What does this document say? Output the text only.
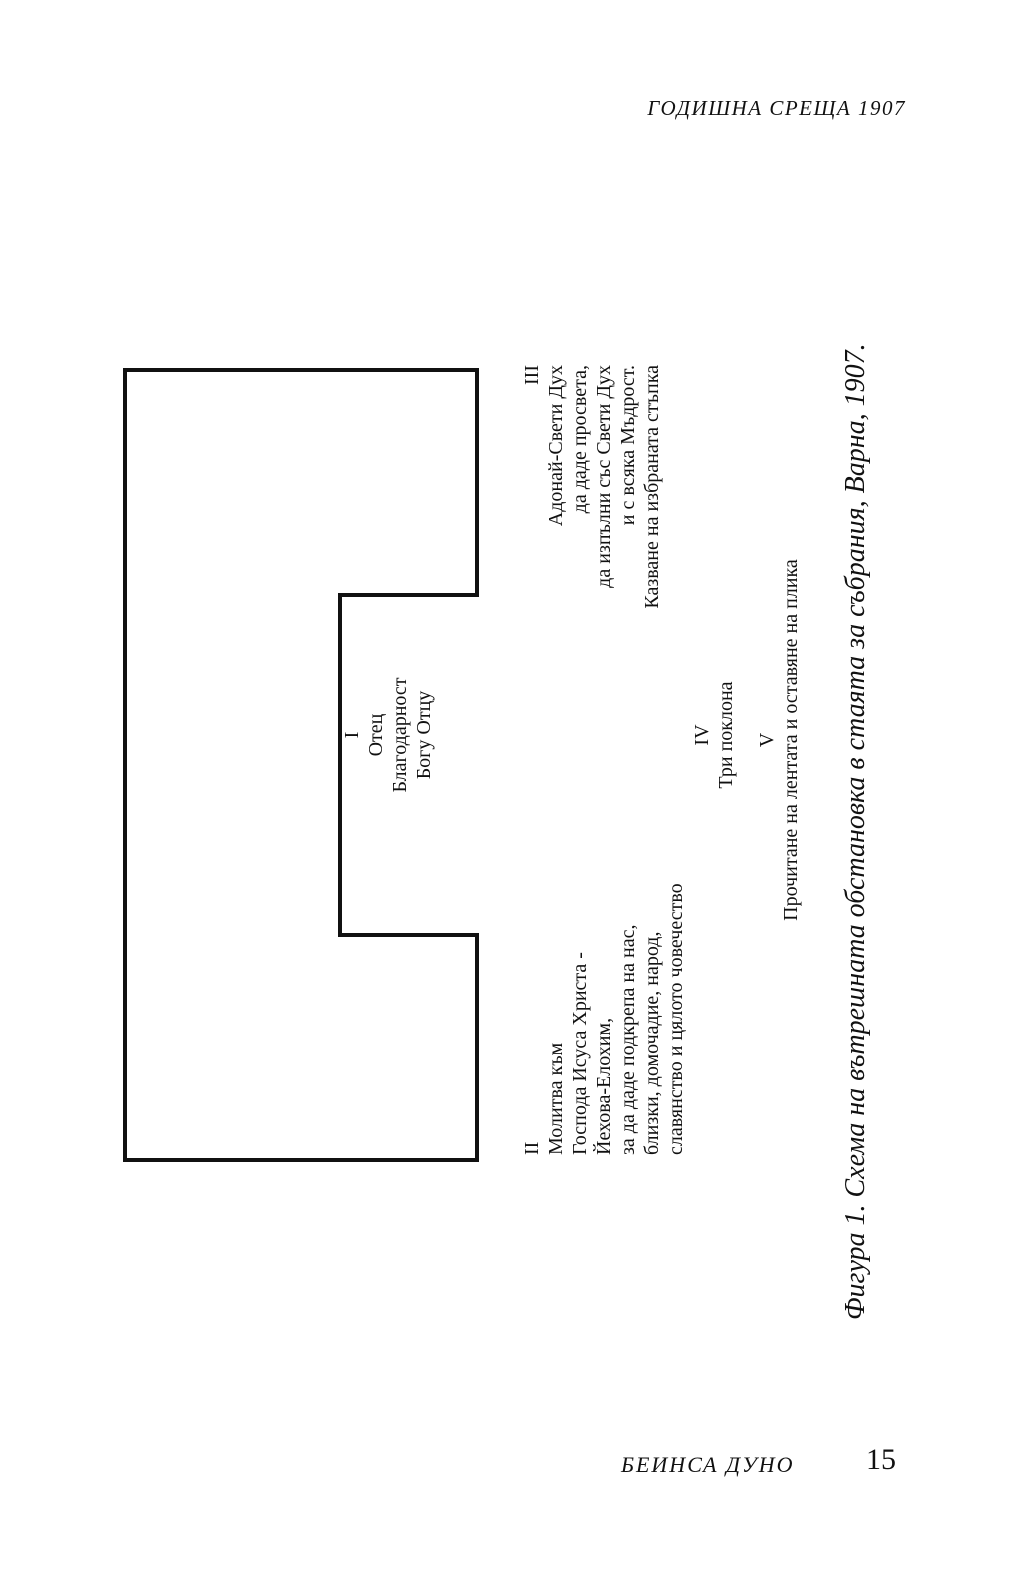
ГОДИШНА СРЕЩА 1907
I Отец Благодарност Богу Отцу
II Молитва към Господа Исуса Христа - Йехова-Елохим, за да даде подкрепа на нас, близки, домочадие, народ, славянство и цялото човечество
III Адонай-Свети Дух да даде просвета, да изпълни със Свети Дух и с всяка Мъдрост. Казване на избраната стъпка
IV Три поклона V Прочитане на лентата и оставяне на плика Фигура 1. Схема на вътрешната обстановка в стаята за събрания, Варна, 1907.
БЕИНСА ДУНО 15
